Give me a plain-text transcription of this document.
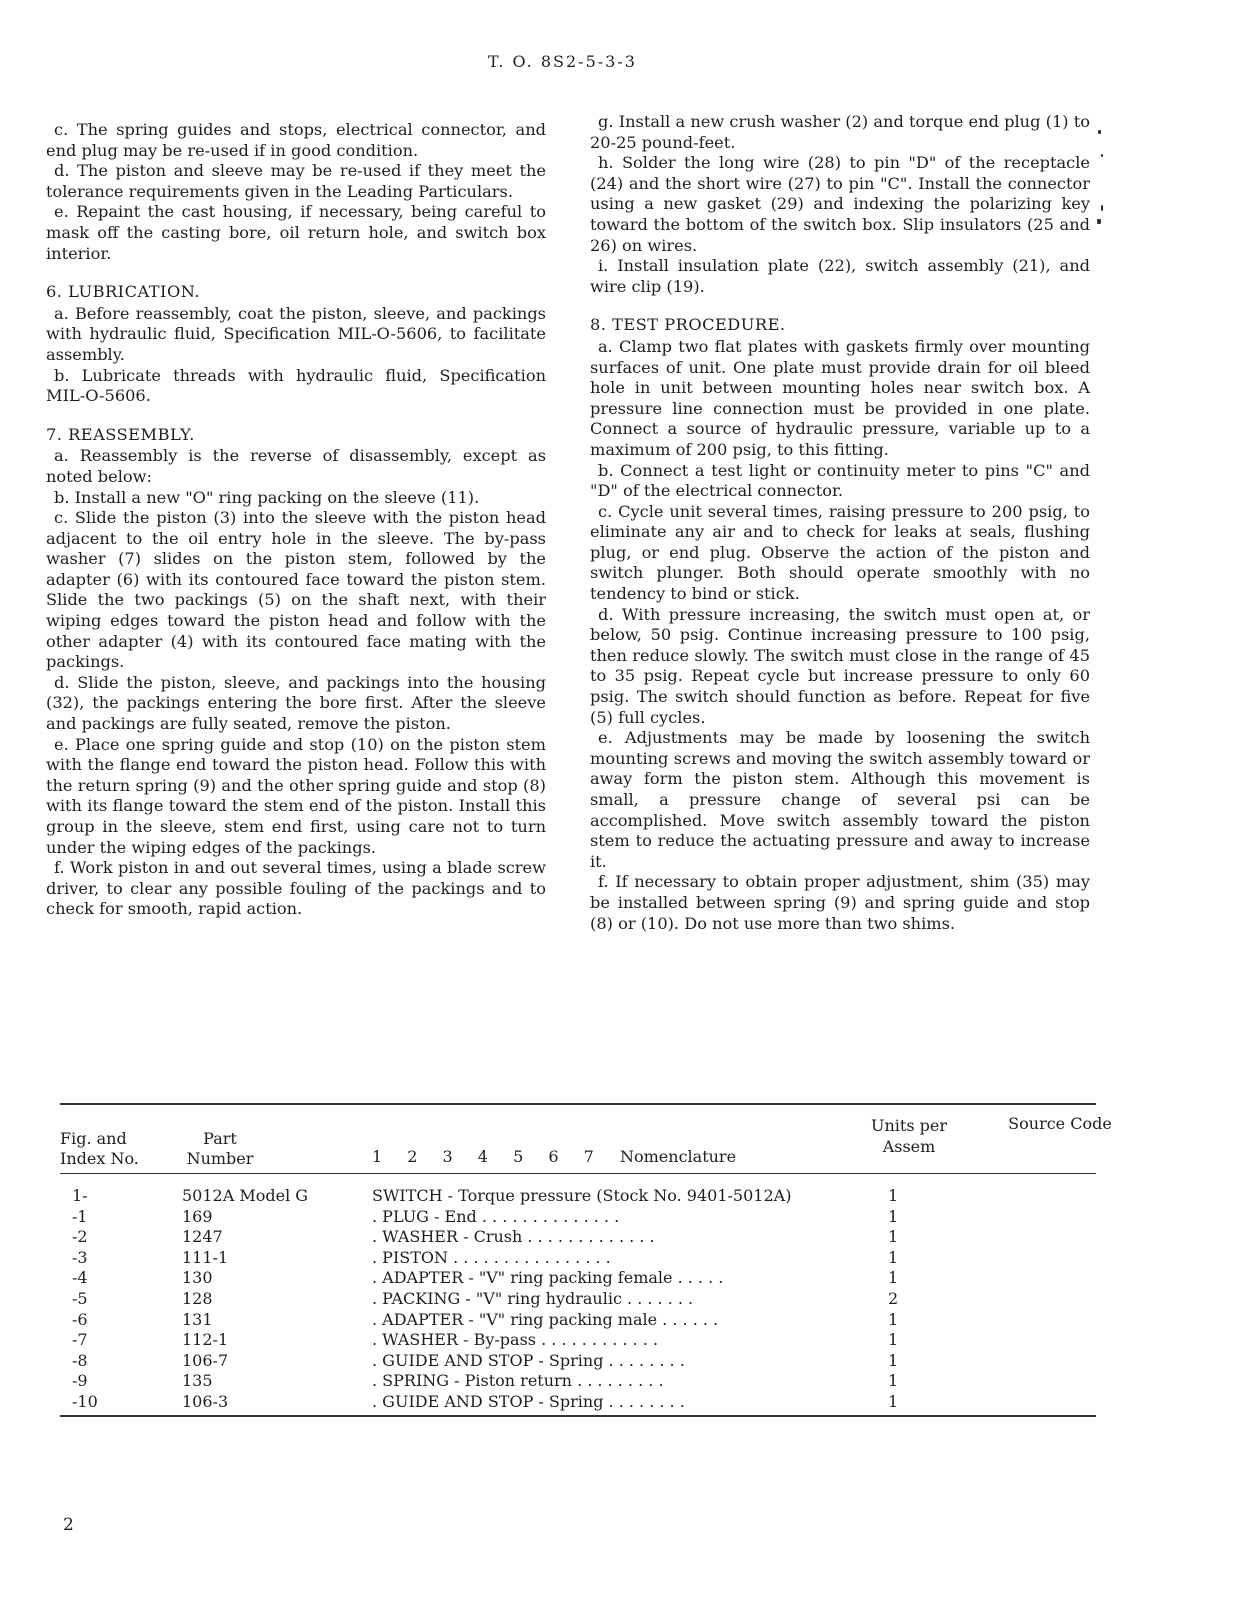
T. O. 8S2-5-3-3

c. The spring guides and stops, electrical connector, and end plug may be re-used if in good condition.

d. The piston and sleeve may be re-used if they meet the tolerance requirements given in the Leading Particulars.

e. Repaint the cast housing, if necessary, being careful to mask off the casting bore, oil return hole, and switch box interior.

6. LUBRICATION.

a. Before reassembly, coat the piston, sleeve, and packings with hydraulic fluid, Specification MIL-O-5606, to facilitate assembly.

b. Lubricate threads with hydraulic fluid, Specification MIL-O-5606.

7. REASSEMBLY.

a. Reassembly is the reverse of disassembly, except as noted below:

b. Install a new "O" ring packing on the sleeve (11).

c. Slide the piston (3) into the sleeve with the piston head adjacent to the oil entry hole in the sleeve. The by-pass washer (7) slides on the piston stem, followed by the adapter (6) with its contoured face toward the piston stem. Slide the two packings (5) on the shaft next, with their wiping edges toward the piston head and follow with the other adapter (4) with its contoured face mating with the packings.

d. Slide the piston, sleeve, and packings into the housing (32), the packings entering the bore first. After the sleeve and packings are fully seated, remove the piston.

e. Place one spring guide and stop (10) on the piston stem with the flange end toward the piston head. Follow this with the return spring (9) and the other spring guide and stop (8) with its flange toward the stem end of the piston. Install this group in the sleeve, stem end first, using care not to turn under the wiping edges of the packings.

f. Work piston in and out several times, using a blade screw driver, to clear any possible fouling of the packings and to check for smooth, rapid action.

g. Install a new crush washer (2) and torque end plug (1) to 20-25 pound-feet.

h. Solder the long wire (28) to pin "D" of the receptacle (24) and the short wire (27) to pin "C". Install the connector using a new gasket (29) and indexing the polarizing key toward the bottom of the switch box. Slip insulators (25 and 26) on wires.

i. Install insulation plate (22), switch assembly (21), and wire clip (19).

8. TEST PROCEDURE.

a. Clamp two flat plates with gaskets firmly over mounting surfaces of unit. One plate must provide drain for oil bleed hole in unit between mounting holes near switch box. A pressure line connection must be provided in one plate. Connect a source of hydraulic pressure, variable up to a maximum of 200 psig, to this fitting.

b. Connect a test light or continuity meter to pins "C" and "D" of the electrical connector.

c. Cycle unit several times, raising pressure to 200 psig, to eliminate any air and to check for leaks at seals, flushing plug, or end plug. Observe the action of the piston and switch plunger. Both should operate smoothly with no tendency to bind or stick.

d. With pressure increasing, the switch must open at, or below, 50 psig. Continue increasing pressure to 100 psig, then reduce slowly. The switch must close in the range of 45 to 35 psig. Repeat cycle but increase pressure to only 60 psig. The switch should function as before. Repeat for five (5) full cycles.

e. Adjustments may be made by loosening the switch mounting screws and moving the switch assembly toward or away form the piston stem. Although this movement is small, a pressure change of several psi can be accomplished. Move switch assembly toward the piston stem to reduce the actuating pressure and away to increase it.

f. If necessary to obtain proper adjustment, shim (35) may be installed between spring (9) and spring guide and stop (8) or (10). Do not use more than two shims.

Fig. and Index No.
Part Number	1 2 3 4 5 6 7 Nomenclature
Units per Assem
Source Code
1-	5012A Model G	SWITCH - Torque pressure (Stock No. 9401-5012A)	1
-1	169	. PLUG - End . . . . . . . . . . . . . .	1
-2	1247	. WASHER - Crush . . . . . . . . . . . . .	1
-3	111-1	. PISTON . . . . . . . . . . . . . . . .	1
-4	130	. ADAPTER - "V" ring packing female . . . . .	1
-5	128	. PACKING - "V" ring hydraulic . . . . . . .	2
-6	131	. ADAPTER - "V" ring packing male . . . . . .	1
-7	112-1	. WASHER - By-pass . . . . . . . . . . . .	1
-8	106-7	. GUIDE AND STOP - Spring . . . . . . . .	1
-9	135	. SPRING - Piston return . . . . . . . . .	1
-10	106-3	. GUIDE AND STOP - Spring . . . . . . . .	1
2
